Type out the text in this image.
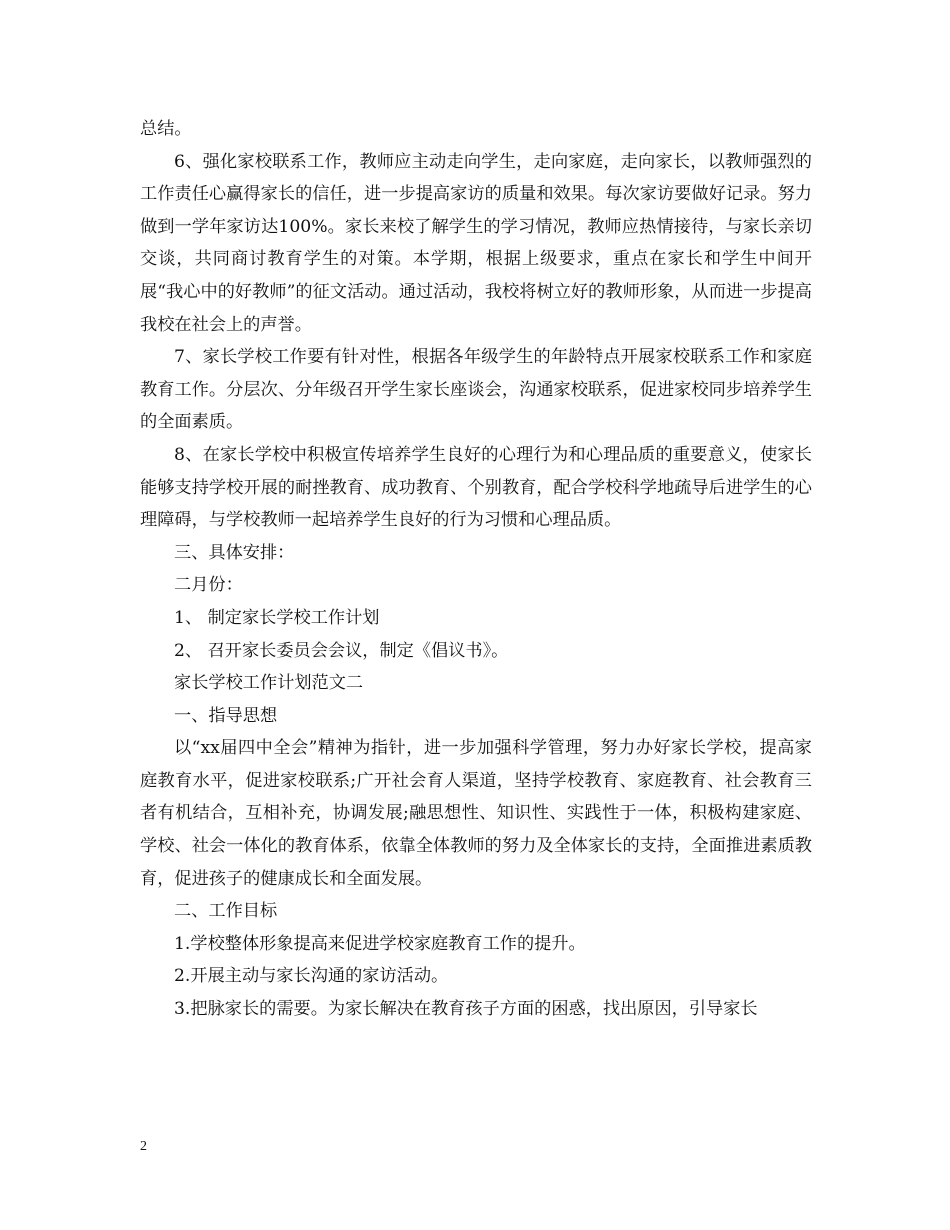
总结。

6、强化家校联系工作，教师应主动走向学生，走向家庭，走向家长，以教师强烈的工作责任心赢得家长的信任，进一步提高家访的质量和效果。每次家访要做好记录。努力做到一学年家访达100%。家长来校了解学生的学习情况，教师应热情接待，与家长亲切交谈，共同商讨教育学生的对策。本学期，根据上级要求，重点在家长和学生中间开展“我心中的好教师”的征文活动。通过活动，我校将树立好的教师形象，从而进一步提高我校在社会上的声誉。

7、家长学校工作要有针对性，根据各年级学生的年龄特点开展家校联系工作和家庭教育工作。分层次、分年级召开学生家长座谈会，沟通家校联系，促进家校同步培养学生的全面素质。

8、在家长学校中积极宣传培养学生良好的心理行为和心理品质的重要意义，使家长能够支持学校开展的耐挫教育、成功教育、个别教育，配合学校科学地疏导后进学生的心理障碍，与学校教师一起培养学生良好的行为习惯和心理品质。

三、具体安排：

二月份：

1、 制定家长学校工作计划

2、 召开家长委员会会议，制定《倡议书》。

家长学校工作计划范文二

一、指导思想

以“xx届四中全会”精神为指针，进一步加强科学管理，努力办好家长学校，提高家庭教育水平，促进家校联系;广开社会育人渠道，坚持学校教育、家庭教育、社会教育三者有机结合，互相补充，协调发展;融思想性、知识性、实践性于一体，积极构建家庭、学校、社会一体化的教育体系，依靠全体教师的努力及全体家长的支持，全面推进素质教育，促进孩子的健康成长和全面发展。

二、工作目标

1.学校整体形象提高来促进学校家庭教育工作的提升。

2.开展主动与家长沟通的家访活动。

3.把脉家长的需要。为家长解决在教育孩子方面的困惑，找出原因，引导家长

2
